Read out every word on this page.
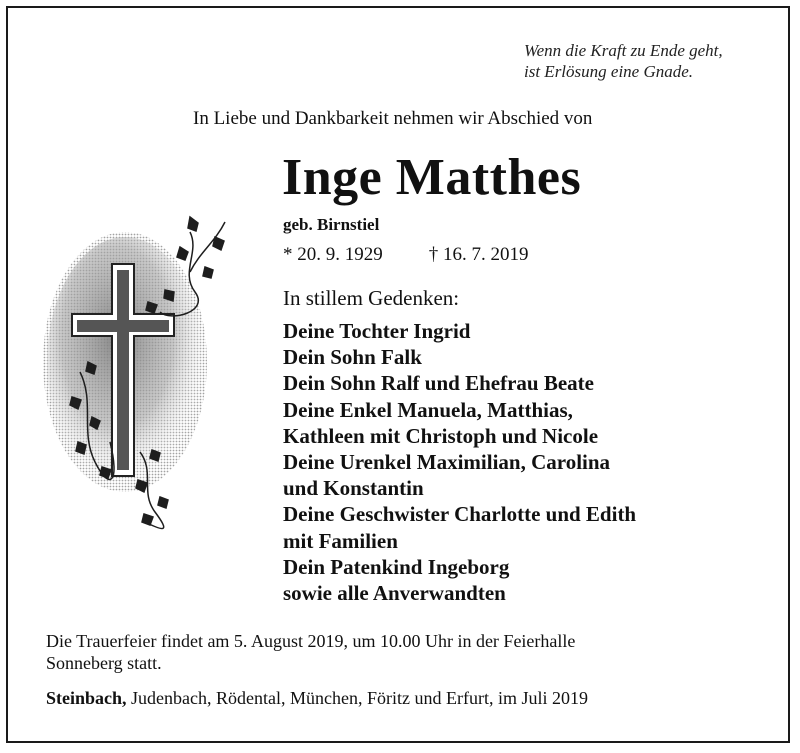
Wenn die Kraft zu Ende geht,
ist Erlösung eine Gnade.
In Liebe und Dankbarkeit nehmen wir Abschied von
Inge Matthes
geb. Birnstiel
* 20. 9. 1929 † 16. 7. 2019
In stillem Gedenken:
Deine Tochter Ingrid
Dein Sohn Falk
Dein Sohn Ralf und Ehefrau Beate
Deine Enkel Manuela, Matthias,
Kathleen mit Christoph und Nicole
Deine Urenkel Maximilian, Carolina
und Konstantin
Deine Geschwister Charlotte und Edith
mit Familien
Dein Patenkind Ingeborg
sowie alle Anverwandten
Die Trauerfeier findet am 5. August 2019, um 10.00 Uhr in der Feierhalle
Sonneberg statt.
Steinbach, Judenbach, Rödental, München, Föritz und Erfurt, im Juli 2019
